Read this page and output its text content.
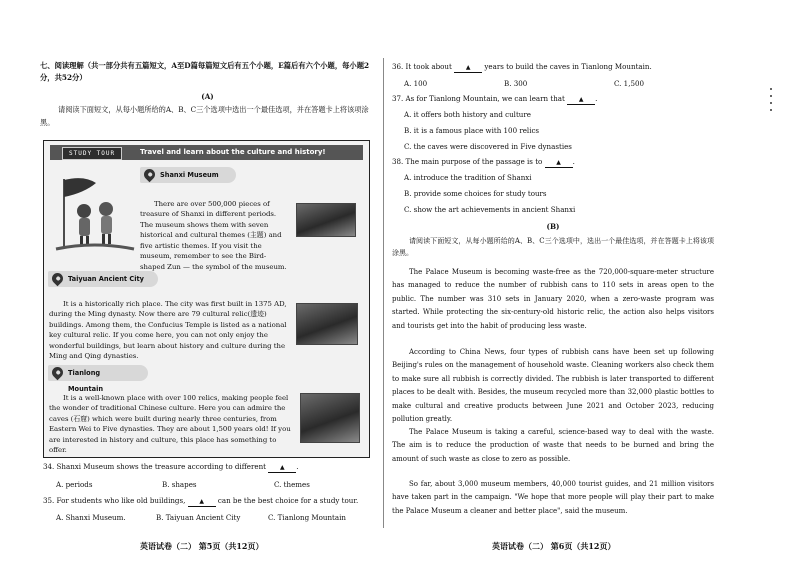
七、阅读理解（共一部分共有五篇短文，A至D篇每篇短文后有五个小题，E篇后有六个小题，每小题2分，共52分）
(A)
请阅读下面短文，从每小题所给的A、B、C三个选项中选出一个最佳选项，并在答题卡上将该项涂黑。
STUDY TOUR	Travel and learn about the culture and history!
Shanxi Museum
There are over 500,000 pieces of treasure of Shanxi in different periods. The museum shows them with seven historical and cultural themes (主题) and five artistic themes. If you visit the museum, remember to see the Bird-shaped Zun — the symbol of the museum.
Taiyuan Ancient City
It is a historically rich place. The city was first built in 1375 AD, during the Ming dynasty. Now there are 79 cultural relic(遗迹) buildings. Among them, the Confucius Temple is listed as a national key cultural relic. If you come here, you can not only enjoy the wonderful buildings, but learn about history and culture during the Ming and Qing dynasties.
Tianlong Mountain
It is a well-known place with over 100 relics, making people feel the wonder of traditional Chinese culture. Here you can admire the caves (石窟) which were built during nearly three centuries, from Eastern Wei to Five dynasties. They are about 1,500 years old! If you are interested in history and culture, this place has something to offer.
34. Shanxi Museum shows the treasure according to different ▲ .
A. periods	B. shapes	C. themes
35. For students who like old buildings, ▲ can be the best choice for a study tour.
A. Shanxi Museum.	B. Taiyuan Ancient City	C. Tianlong Mountain
英语试卷（二） 第5页（共12页）
36. It took about ▲ years to build the caves in Tianlong Mountain.
A. 100	B. 300	C. 1,500
37. As for Tianlong Mountain, we can learn that ▲ .
A. it offers both history and culture
B. it is a famous place with 100 relics
C. the caves were discovered in Five dynasties
38. The main purpose of the passage is to ▲ .
A. introduce the tradition of Shanxi
B. provide some choices for study tours
C. show the art achievements in ancient Shanxi
(B)
请阅读下面短文，从每小题所给的A、B、C三个选项中，选出一个最佳选项，并在答题卡上将该项涂黑。
The Palace Museum is becoming waste-free as the 720,000-square-meter structure has managed to reduce the number of rubbish cans to 110 sets in areas open to the public. The number was 310 sets in January 2020, when a zero-waste program was started. While protecting the six-century-old historic relic, the action also helps visitors and tourists get into the habit of producing less waste.
According to China News, four types of rubbish cans have been set up following Beijing's rules on the management of household waste. Cleaning workers also check them to make sure all rubbish is correctly divided. The rubbish is later transported to different places to be dealt with. Besides, the museum recycled more than 32,000 plastic bottles to make cultural and creative products between June 2021 and October 2023, reducing pollution greatly.
The Palace Museum is taking a careful, science-based way to deal with the waste. The aim is to reduce the production of waste that needs to be burned and bring the amount of such waste as close to zero as possible.
So far, about 3,000 museum members, 40,000 tourist guides, and 21 million visitors have taken part in the campaign. "We hope that more people will play their part to make the Palace Museum a cleaner and better place", said the museum.
英语试卷（二） 第6页（共12页）
